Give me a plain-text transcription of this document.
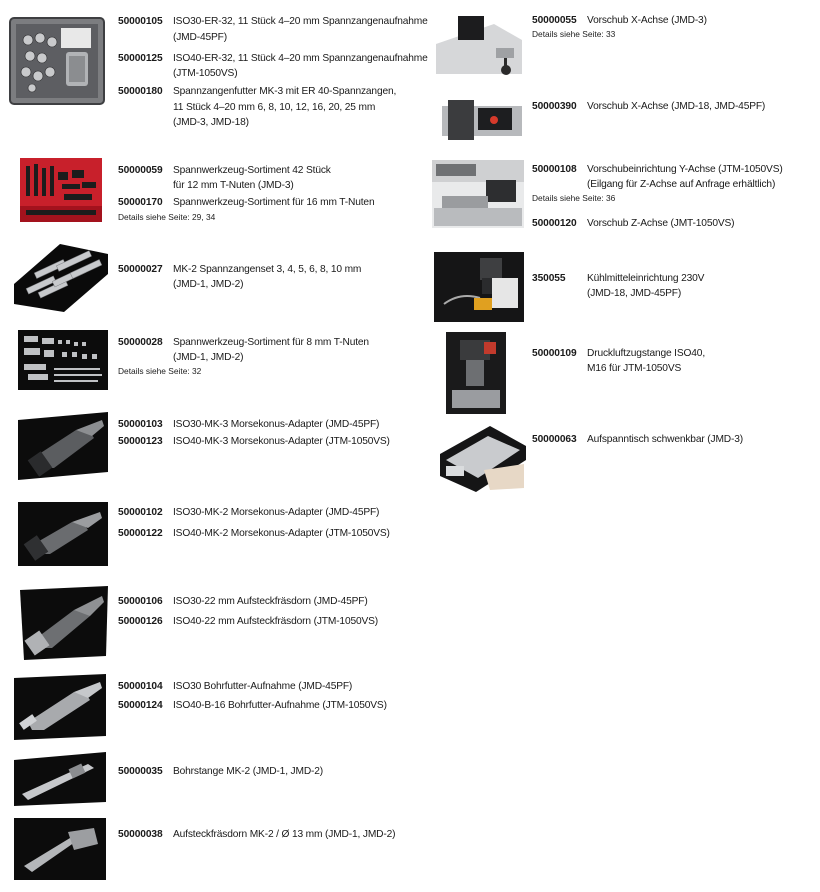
50000105 ISO30-ER-32, 11 Stück 4–20 mm Spannzangenaufnahme
(JMD-45PF)
50000125 ISO40-ER-32, 11 Stück 4–20 mm Spannzangenaufnahme
(JTM-1050VS)
50000180 Spannzangenfutter MK-3 mit ER 40-Spannzangen,
11 Stück 4–20 mm 6, 8, 10, 12, 16, 20, 25 mm
(JMD-3, JMD-18)
50000059 Spannwerkzeug-Sortiment 42 Stück
für 12 mm T-Nuten (JMD-3)
50000170 Spannwerkzeug-Sortiment für 16 mm T-Nuten
Details siehe Seite: 29, 34
50000027 MK-2 Spannzangenset 3, 4, 5, 6, 8, 10 mm
(JMD-1, JMD-2)
50000028 Spannwerkzeug-Sortiment für 8 mm T-Nuten
(JMD-1, JMD-2)
Details siehe Seite: 32
50000103 ISO30-MK-3 Morsekonus-Adapter (JMD-45PF)
50000123 ISO40-MK-3 Morsekonus-Adapter (JTM-1050VS)
50000102 ISO30-MK-2 Morsekonus-Adapter (JMD-45PF)
50000122 ISO40-MK-2 Morsekonus-Adapter (JTM-1050VS)
50000106 ISO30-22 mm Aufsteckfräsdorn (JMD-45PF)
50000126 ISO40-22 mm Aufsteckfräsdorn (JTM-1050VS)
50000104 ISO30 Bohrfutter-Aufnahme (JMD-45PF)
50000124 ISO40-B-16 Bohrfutter-Aufnahme (JTM-1050VS)
50000035 Bohrstange MK-2 (JMD-1, JMD-2)
50000038 Aufsteckfräsdorn MK-2 / Ø 13 mm (JMD-1, JMD-2)
50000055 Vorschub X-Achse (JMD-3)
Details siehe Seite: 33
50000390 Vorschub X-Achse (JMD-18, JMD-45PF)
50000108 Vorschubeinrichtung Y-Achse (JTM-1050VS)
(Eilgang für Z-Achse auf Anfrage erhältlich)
Details siehe Seite: 36
50000120 Vorschub Z-Achse (JMT-1050VS)
350055 Kühlmitteleinrichtung 230V
(JMD-18, JMD-45PF)
50000109 Druckluftzugstange ISO40,
M16 für JTM-1050VS
50000063 Aufspanntisch schwenkbar (JMD-3)
